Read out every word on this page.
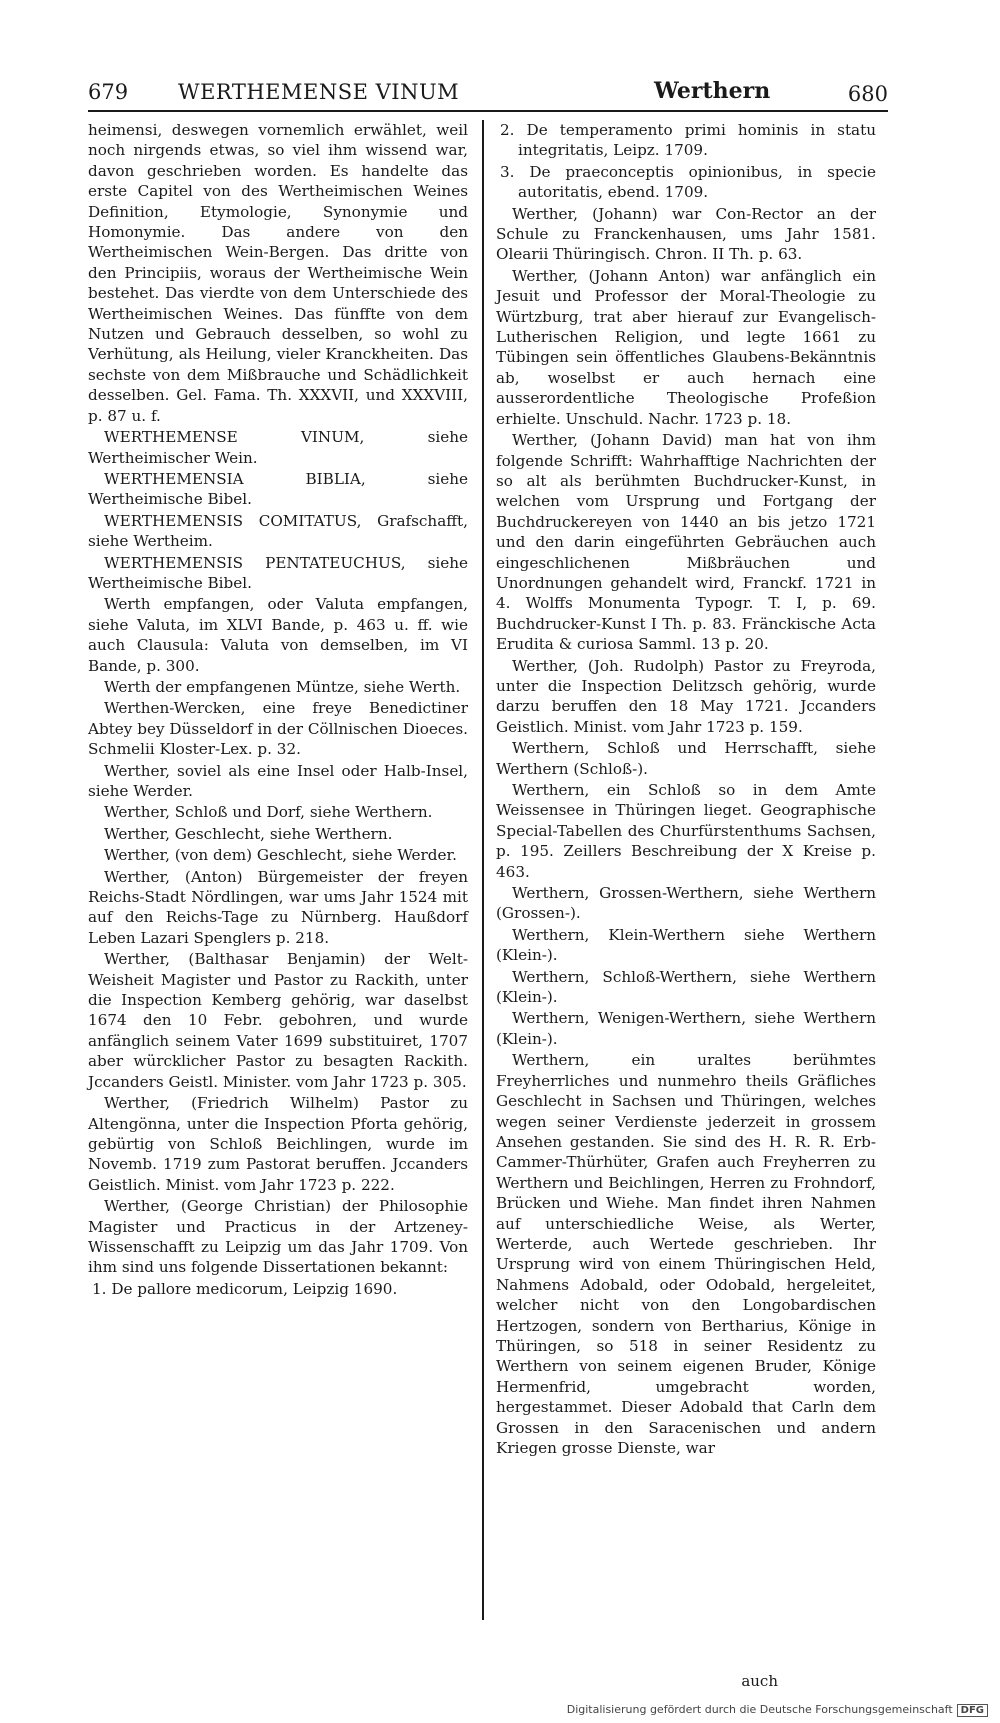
679 WERTHEMENSE VINUM	Werthern	680

heimensi, deswegen vornemlich erwählet, weil noch nirgends etwas, so viel ihm wissend war, davon geschrieben worden. Es handelte das erste Capitel von des Wertheimischen Weines Definition, Etymologie, Synonymie und Homonymie. Das andere von den Wertheimischen Wein-Bergen. Das dritte von den Principiis, woraus der Wertheimische Wein bestehet. Das vierdte von dem Unterschiede des Wertheimischen Weines. Das fünffte von dem Nutzen und Gebrauch desselben, so wohl zu Verhütung, als Heilung, vieler Kranckheiten. Das sechste von dem Mißbrauche und Schädlichkeit desselben. Gel. Fama. Th. XXXVII, und XXXVIII, p. 87 u. f.

WERTHEMENSE VINUM, siehe Wertheimischer Wein.

WERTHEMENSIA BIBLIA, siehe Wertheimische Bibel.

WERTHEMENSIS COMITATUS, Grafschafft, siehe Wertheim.

WERTHEMENSIS PENTATEUCHUS, siehe Wertheimische Bibel.

Werth empfangen, oder Valuta empfangen, siehe Valuta, im XLVI Bande, p. 463 u. ff. wie auch Clausula: Valuta von demselben, im VI Bande, p. 300.

Werth der empfangenen Müntze, siehe Werth.

Werthen-Wercken, eine freye Benedictiner Abtey bey Düsseldorf in der Cöllnischen Dioeces. Schmelii Kloster-Lex. p. 32.

Werther, soviel als eine Insel oder Halb-Insel, siehe Werder.

Werther, Schloß und Dorf, siehe Werthern.

Werther, Geschlecht, siehe Werthern.

Werther, (von dem) Geschlecht, siehe Werder.

Werther, (Anton) Bürgemeister der freyen Reichs-Stadt Nördlingen, war ums Jahr 1524 mit auf den Reichs-Tage zu Nürnberg. Haußdorf Leben Lazari Spenglers p. 218.

Werther, (Balthasar Benjamin) der Welt-Weisheit Magister und Pastor zu Rackith, unter die Inspection Kemberg gehörig, war daselbst 1674 den 10 Febr. gebohren, und wurde anfänglich seinem Vater 1699 substituiret, 1707 aber würcklicher Pastor zu besagten Rackith. Jccanders Geistl. Minister. vom Jahr 1723 p. 305.

Werther, (Friedrich Wilhelm) Pastor zu Altengönna, unter die Inspection Pforta gehörig, gebürtig von Schloß Beichlingen, wurde im Novemb. 1719 zum Pastorat beruffen. Jccanders Geistlich. Minist. vom Jahr 1723 p. 222.

Werther, (George Christian) der Philosophie Magister und Practicus in der Artzeney-Wissenschafft zu Leipzig um das Jahr 1709. Von ihm sind uns folgende Dissertationen bekannt:

1. De pallore medicorum, Leipzig 1690.

2. De temperamento primi hominis in statu integritatis, Leipz. 1709.

3. De praeconceptis opinionibus, in specie autoritatis, ebend. 1709.

Werther, (Johann) war Con-Rector an der Schule zu Franckenhausen, ums Jahr 1581. Olearii Thüringisch. Chron. II Th. p. 63.

Werther, (Johann Anton) war anfänglich ein Jesuit und Professor der Moral-Theologie zu Würtzburg, trat aber hierauf zur Evangelisch-Lutherischen Religion, und legte 1661 zu Tübingen sein öffentliches Glaubens-Bekänntnis ab, woselbst er auch hernach eine ausserordentliche Theologische Profeßion erhielte. Unschuld. Nachr. 1723 p. 18.

Werther, (Johann David) man hat von ihm folgende Schrifft: Wahrhafftige Nachrichten der so alt als berühmten Buchdrucker-Kunst, in welchen vom Ursprung und Fortgang der Buchdruckereyen von 1440 an bis jetzo 1721 und den darin eingeführten Gebräuchen auch eingeschlichenen Mißbräuchen und Unordnungen gehandelt wird, Franckf. 1721 in 4. Wolffs Monumenta Typogr. T. I, p. 69. Buchdrucker-Kunst I Th. p. 83. Fränckische Acta Erudita & curiosa Samml. 13 p. 20.

Werther, (Joh. Rudolph) Pastor zu Freyroda, unter die Inspection Delitzsch gehörig, wurde darzu beruffen den 18 May 1721. Jccanders Geistlich. Minist. vom Jahr 1723 p. 159.

Werthern, Schloß und Herrschafft, siehe Werthern (Schloß-).

Werthern, ein Schloß so in dem Amte Weissensee in Thüringen lieget. Geographische Special-Tabellen des Churfürstenthums Sachsen, p. 195. Zeillers Beschreibung der X Kreise p. 463.

Werthern, Grossen-Werthern, siehe Werthern (Grossen-).

Werthern, Klein-Werthern siehe Werthern (Klein-).

Werthern, Schloß-Werthern, siehe Werthern (Klein-).

Werthern, Wenigen-Werthern, siehe Werthern (Klein-).

Werthern, ein uraltes berühmtes Freyherrliches und nunmehro theils Gräfliches Geschlecht in Sachsen und Thüringen, welches wegen seiner Verdienste jederzeit in grossem Ansehen gestanden. Sie sind des H. R. R. Erb-Cammer-Thürhüter, Grafen auch Freyherren zu Werthern und Beichlingen, Herren zu Frohndorf, Brücken und Wiehe. Man findet ihren Nahmen auf unterschiedliche Weise, als Werter, Werterde, auch Wertede geschrieben. Ihr Ursprung wird von einem Thüringischen Held, Nahmens Adobald, oder Odobald, hergeleitet, welcher nicht von den Longobardischen Hertzogen, sondern von Bertharius, Könige in Thüringen, so 518 in seiner Residentz zu Werthern von seinem eigenen Bruder, Könige Hermenfrid, umgebracht worden, hergestammet. Dieser Adobald that Carln dem Grossen in den Saracenischen und andern Kriegen grosse Dienste, war

auch
Digitalisierung gefördert durch die Deutsche Forschungsgemeinschaft DFG
